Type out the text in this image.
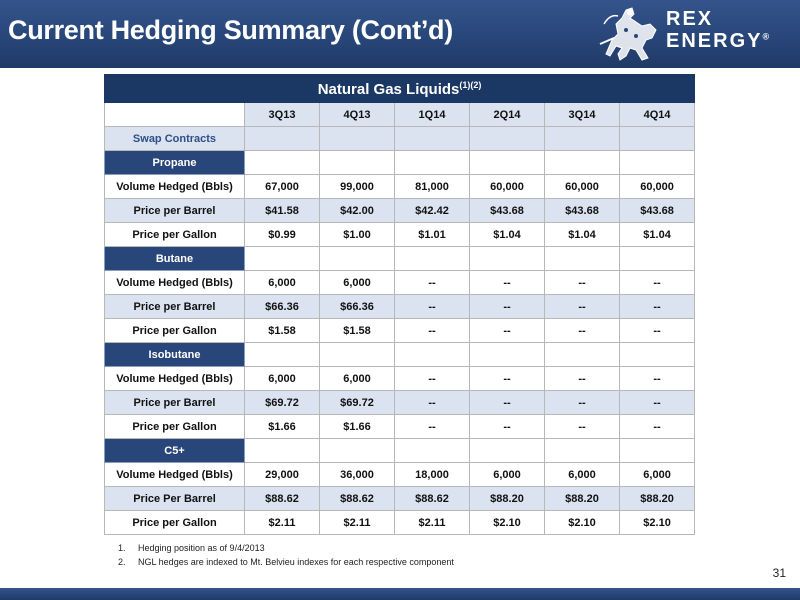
Current Hedging Summary (Cont’d)	REX
ENERGY®
Natural Gas Liquids$^{(1)(2)}$
	3Q13	4Q13	1Q14	2Q14	3Q14	4Q14
Swap Contracts						
Propane						
Volume Hedged (Bbls)	67,000	99,000	81,000	60,000	60,000	60,000
Price per Barrel	$41.58	$42.00	$42.42	$43.68	$43.68	$43.68
Price per Gallon	$0.99	$1.00	$1.01	$1.04	$1.04	$1.04
Butane						
Volume Hedged (Bbls)	6,000	6,000	--	--	--	--
Price per Barrel	$66.36	$66.36	--	--	--	--
Price per Gallon	$1.58	$1.58	--	--	--	--
Isobutane						
Volume Hedged (Bbls)	6,000	6,000	--	--	--	--
Price per Barrel	$69.72	$69.72	--	--	--	--
Price per Gallon	$1.66	$1.66	--	--	--	--
C5+						
Volume Hedged (Bbls)	29,000	36,000	18,000	6,000	6,000	6,000
Price Per Barrel	$88.62	$88.62	$88.62	$88.20	$88.20	$88.20
Price per Gallon	$2.11	$2.11	$2.11	$2.10	$2.10	$2.10
1. Hedging position as of 9/4/2013
2. NGL hedges are indexed to Mt. Belvieu indexes for each respective component
31
